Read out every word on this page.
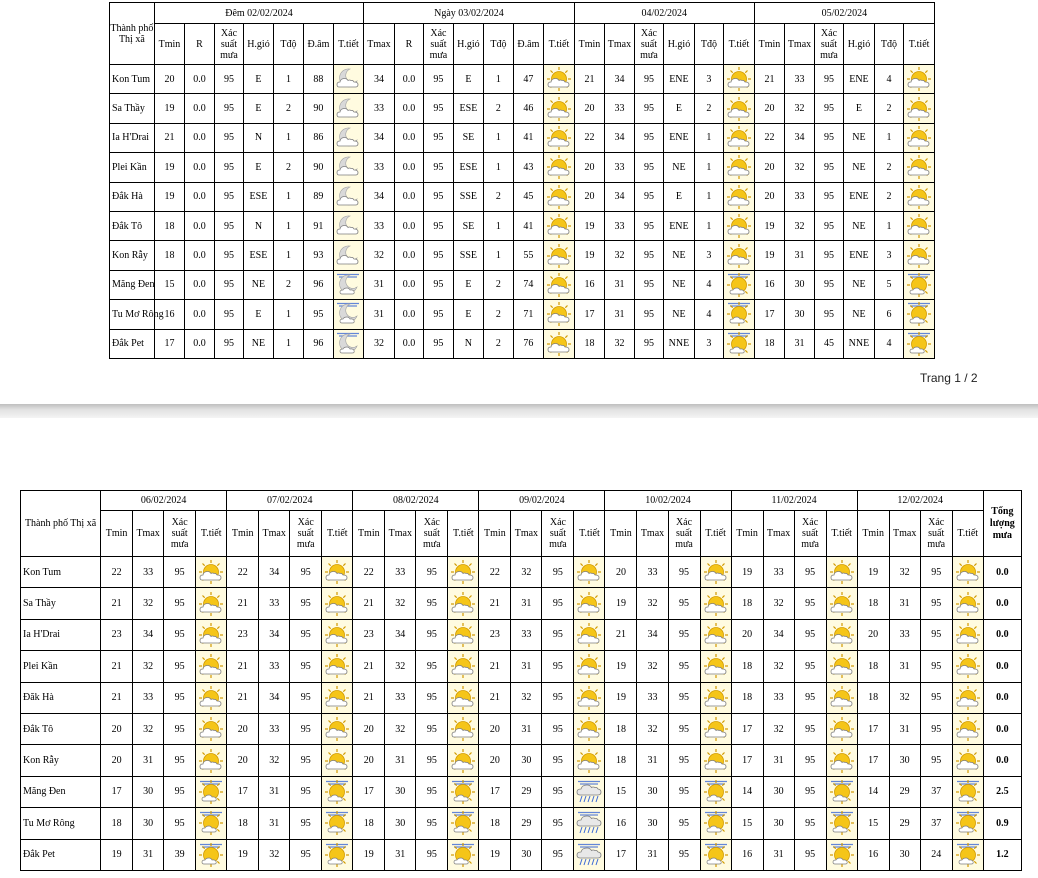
Thành phố Thị xã	Đêm 02/02/2024							Ngày 03/02/2024							04/02/2024						05/02/2024					
	Tmin	R	Xác suất mưa	H.gió	Tđộ	Đ.âm	T.tiết	Tmax	R	Xác suất mưa	H.gió	Tđộ	Đ.âm	T.tiết	Tmin	Tmax	Xác suất mưa	H.gió	Tđộ	T.tiết	Tmin	Tmax	Xác suất mưa	H.gió	Tđộ	T.tiết
Kon Tum	20	0.0	95	E	1	88		34	0.0	95	E	1	47		21	34	95	ENE	3		21	33	95	ENE	4	

Sa Thầy	19	0.0	95	E	2	90		33	0.0	95	ESE	2	46		20	33	95	E	2		20	32	95	E	2	

Ia H'Drai	21	0.0	95	N	1	86		34	0.0	95	SE	1	41		22	34	95	ENE	1		22	34	95	NE	1	

Plei Kần	19	0.0	95	E	2	90		33	0.0	95	ESE	1	43		20	33	95	NE	1		20	32	95	NE	2	

Đắk Hà	19	0.0	95	ESE	1	89		34	0.0	95	SSE	2	45		20	34	95	E	1		20	33	95	ENE	2	

Đắk Tô	18	0.0	95	N	1	91		33	0.0	95	SE	1	41		19	33	95	ENE	1		19	32	95	NE	1	

Kon Rẫy	18	0.0	95	ESE	1	93		32	0.0	95	SSE	1	55		19	32	95	NE	3		19	31	95	ENE	3	

Măng Đen	15	0.0	95	NE	2	96		31	0.0	95	E	2	74		16	31	95	NE	4		16	30	95	NE	5	

Tu Mơ Rông	16	0.0	95	E	1	95		31	0.0	95	E	2	71		17	31	95	NE	4		17	30	95	NE	6	

Đắk Pet	17	0.0	95	NE	1	96		32	0.0	95	N	2	76		18	32	95	NNE	3		18	31	45	NNE	4	
Trang 1 / 2
Thành phố Thị xã	06/02/2024				07/02/2024				08/02/2024				09/02/2024				10/02/2024				11/02/2024				12/02/2024				Tổng lượng mưa
	Tmin	Tmax	Xác suất mưa	T.tiết	Tmin	Tmax	Xác suất mưa	T.tiết	Tmin	Tmax	Xác suất mưa	T.tiết	Tmin	Tmax	Xác suất mưa	T.tiết	Tmin	Tmax	Xác suất mưa	T.tiết	Tmin	Tmax	Xác suất mưa	T.tiết	Tmin	Tmax	Xác suất mưa	T.tiết	
Kon Tum	22	33	95		22	34	95		22	33	95		22	32	95		20	33	95		19	33	95		19	32	95		0.0
Sa Thầy	21	32	95		21	33	95		21	32	95		21	31	95		19	32	95		18	32	95		18	31	95		0.0
Ia H'Drai	23	34	95		23	34	95		23	34	95		23	33	95		21	34	95		20	34	95		20	33	95		0.0
Plei Kần	21	32	95		21	33	95		21	32	95		21	31	95		19	32	95		18	32	95		18	31	95		0.0
Đăk Hà	21	33	95		21	34	95		21	33	95		21	32	95		19	33	95		18	33	95		18	32	95		0.0
Đắk Tô	20	32	95		20	33	95		20	32	95		20	31	95		18	32	95		17	32	95		17	31	95		0.0
Kon Rẫy	20	31	95		20	32	95		20	31	95		20	30	95		18	31	95		17	31	95		17	30	95		0.0
Măng Đen	17	30	95		17	31	95		17	30	95		17	29	95		15	30	95		14	30	95		14	29	37		2.5
Tu Mơ Rông	18	30	95		18	31	95		18	30	95		18	29	95		16	30	95		15	30	95		15	29	37		0.9
Đắk Pet	19	31	39		19	32	95		19	31	95		19	30	95		17	31	95		16	31	95		16	30	24		1.2
